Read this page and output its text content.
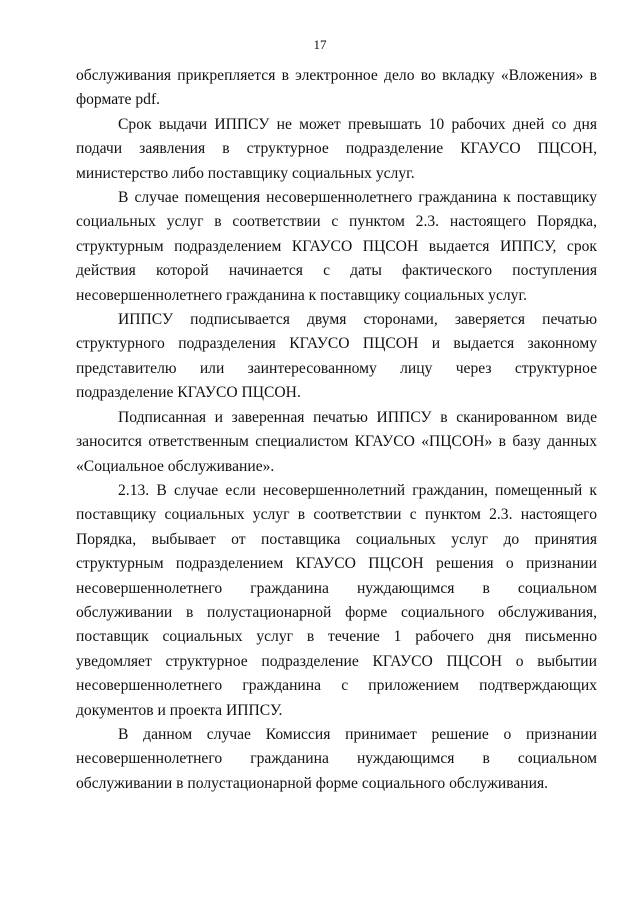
17

обслуживания прикрепляется в электронное дело во вкладку «Вложения» в формате pdf.

Срок выдачи ИППСУ не может превышать 10 рабочих дней со дня подачи заявления в структурное подразделение КГАУСО ПЦСОН, министерство либо поставщику социальных услуг.

В случае помещения несовершеннолетнего гражданина к поставщику социальных услуг в соответствии с пунктом 2.3. настоящего Порядка, структурным подразделением КГАУСО ПЦСОН выдается ИППСУ, срок действия которой начинается с даты фактического поступления несовершеннолетнего гражданина к поставщику социальных услуг.

ИППСУ подписывается двумя сторонами, заверяется печатью структурного подразделения КГАУСО ПЦСОН и выдается законному представителю или заинтересованному лицу через структурное подразделение КГАУСО ПЦСОН.

Подписанная и заверенная печатью ИППСУ в сканированном виде заносится ответственным специалистом КГАУСО «ПЦСОН» в базу данных «Социальное обслуживание».

2.13. В случае если несовершеннолетний гражданин, помещенный к поставщику социальных услуг в соответствии с пунктом 2.3. настоящего Порядка, выбывает от поставщика социальных услуг до принятия структурным подразделением КГАУСО ПЦСОН решения о признании несовершеннолетнего гражданина нуждающимся в социальном обслуживании в полустационарной форме социального обслуживания, поставщик социальных услуг в течение 1 рабочего дня письменно уведомляет структурное подразделение КГАУСО ПЦСОН о выбытии несовершеннолетнего гражданина с приложением подтверждающих документов и проекта ИППСУ.

В данном случае Комиссия принимает решение о признании несовершеннолетнего гражданина нуждающимся в социальном обслуживании в полустационарной форме социального обслуживания.
